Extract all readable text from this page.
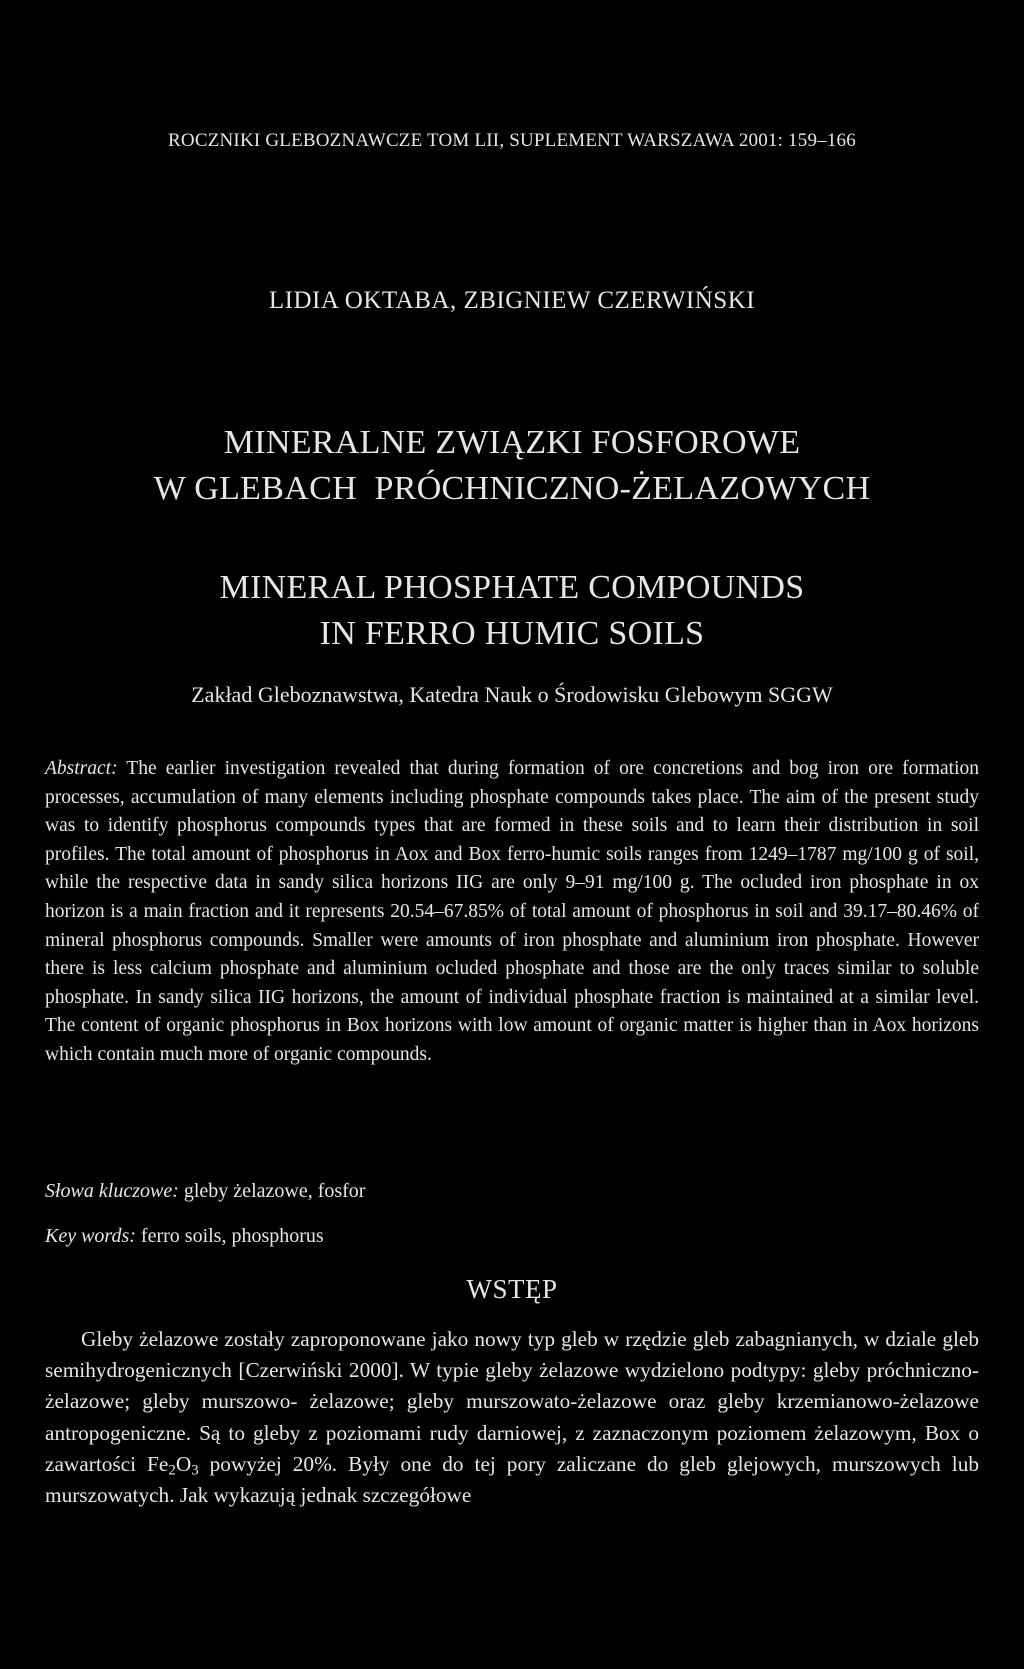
ROCZNIKI GLEBOZNAWCZE TOM LII, SUPLEMENT WARSZAWA 2001: 159–166
LIDIA OKTABA, ZBIGNIEW CZERWIŃSKI
MINERALNE ZWIĄZKI FOSFOROWE
W GLEBACH  PRÓCHNICZNO-ŻELAZOWYCH
MINERAL PHOSPHATE COMPOUNDS
IN FERRO HUMIC SOILS
Zakład Gleboznawstwa, Katedra Nauk o Środowisku Glebowym SGGW
Abstract: The earlier investigation revealed that during formation of ore concretions and bog iron ore formation processes, accumulation of many elements including phosphate compounds takes place. The aim of the present study was to identify phosphorus compounds types that are formed in these soils and to learn their distribution in soil profiles. The total amount of phosphorus in Aox and Box ferro-humic soils ranges from 1249–1787 mg/100 g of soil, while the respective data in sandy silica horizons IIG are only 9–91 mg/100 g. The ocluded iron phosphate in ox horizon is a main fraction and it represents 20.54–67.85% of total amount of phosphorus in soil and 39.17–80.46% of mineral phosphorus compounds. Smaller were amounts of iron phosphate and aluminium iron phosphate. However there is less calcium phosphate and aluminium ocluded phosphate and those are the only traces similar to soluble phosphate. In sandy silica IIG horizons, the amount of individual phosphate fraction is maintained at a similar level. The content of organic phosphorus in Box horizons with low amount of organic matter is higher than in Aox horizons which contain much more of organic compounds.
Słowa kluczowe: gleby żelazowe, fosfor
Key words: ferro soils, phosphorus
WSTĘP
Gleby żelazowe zostały zaproponowane jako nowy typ gleb w rzędzie gleb zabagnianych, w dziale gleb semihydrogenicznych [Czerwiński 2000]. W typie gleby żelazowe wydzielono podtypy: gleby próchniczno-żelazowe; gleby murszowo- żelazowe; gleby murszowato-żelazowe oraz gleby krzemianowo-żelazowe antropogeniczne. Są to gleby z poziomami rudy darniowej, z zaznaczonym poziomem żelazowym, Box o zawartości $Fe_2O_3$ powyżej 20%. Były one do tej pory zaliczane do gleb glejowych, murszowych lub murszowatych. Jak wykazują jednak szczegółowe
